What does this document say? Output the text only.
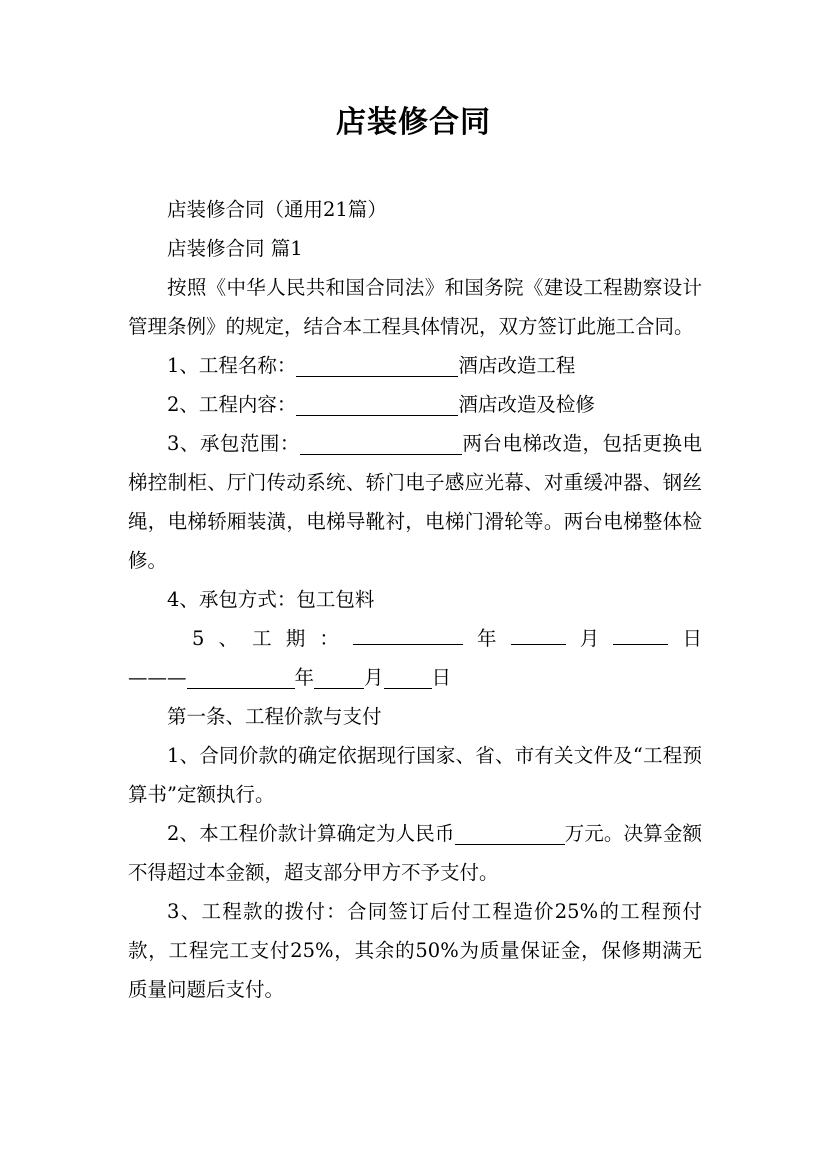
店装修合同

店装修合同（通用21篇）

店装修合同 篇1

按照《中华人民共和国合同法》和国务院《建设工程勘察设计管理条例》的规定，结合本工程具体情况，双方签订此施工合同。

1、工程名称：	酒店改造工程

2、工程内容：	酒店改造及检修

3、承包范围：	两台电梯改造，包括更换电梯控制柜、厅门传动系统、轿门电子感应光幕、对重缓冲器、钢丝绳，电梯轿厢装潢，电梯导靴衬，电梯门滑轮等。两台电梯整体检修。

4、承包方式：包工包料

5 、 工 期 ：	年	月	日
———	年	月 日

第一条、工程价款与支付

1、合同价款的确定依据现行国家、省、市有关文件及“工程预算书”定额执行。

2、本工程价款计算确定为人民币	万元。决算金额不得超过本金额，超支部分甲方不予支付。

3、工程款的拨付：合同签订后付工程造价25%的工程预付款，工程完工支付25%，其余的50%为质量保证金，保修期满无质量问题后支付。
